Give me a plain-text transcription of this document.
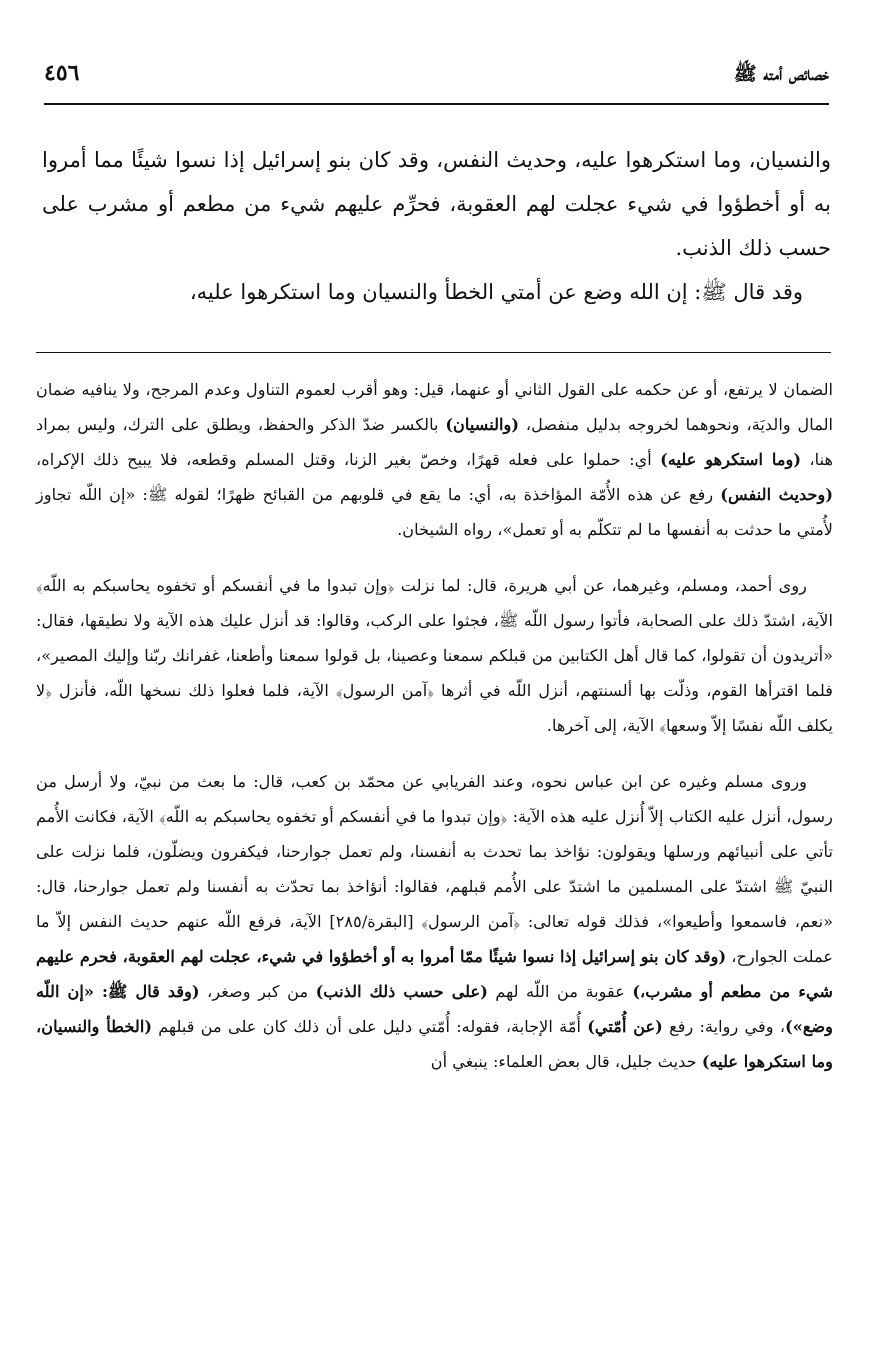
خصائص أمته ﷺ
٤٥٦

والنسيان، وما استكرهوا عليه، وحديث النفس، وقد كان بنو إسرائيل إذا نسوا شيئًا مما أمروا به أو أخطؤوا في شيء عجلت لهم العقوبة، فحرِّم عليهم شيء من مطعم أو مشرب على حسب ذلك الذنب.

وقد قال ﷺ: إن الله وضع عن أمتي الخطأ والنسيان وما استكرهوا عليه،

الضمان لا يرتفع، أو عن حكمه على القول الثاني أو عنهما، قيل: وهو أقرب لعموم التناول وعدم المرجح، ولا ينافيه ضمان المال والديَة، ونحوهما لخروجه بدليل منفصل، (والنسيان) بالكسر ضدّ الذكر والحفظ، ويطلق على الترك، وليس بمراد هنا، (وما استكرهو عليه) أي: حملوا على فعله قهرًا، وخصّ بغير الزنا، وقتل المسلم وقطعه، فلا يبيح ذلك الإكراه، (وحديث النفس) رفع عن هذه الأُمّة المؤاخذة به، أي: ما يقع في قلوبهم من القبائح ظهرًا؛ لقوله ﷺ: «إن اللّه تجاوز لأُمتي ما حدثت به أنفسها ما لم تتكلّم به أو تعمل»، رواه الشيخان.

روى أحمد، ومسلم، وغيرهما، عن أبي هريرة، قال: لما نزلت ﴿وإن تبدوا ما في أنفسكم أو تخفوه يحاسبكم به اللّه﴾ الآية، اشتدّ ذلك على الصحابة، فأتوا رسول اللّه ﷺ، فجثوا على الركب، وقالوا: قد أنزل عليك هذه الآية ولا نطيقها، فقال: «أتريدون أن تقولوا، كما قال أهل الكتابين من قبلكم سمعنا وعصينا، بل قولوا سمعنا وأطعنا، غفرانك ربّنا وإليك المصير»، فلما اقترأها القوم، وذلّت بها ألسنتهم، أنزل اللّه في أثرها ﴿آمن الرسول﴾ الآية، فلما فعلوا ذلك نسخها اللّه، فأنزل ﴿لا يكلف اللّه نفسًا إلاّ وسعها﴾ الآية، إلى آخرها.

وروى مسلم وغيره عن ابن عباس نحوه، وعند الفريابي عن محمّد بن كعب، قال: ما بعث من نبيّ، ولا أرسل من رسول، أنزل عليه الكتاب إلاّ أُنزل عليه هذه الآية: ﴿وإن تبدوا ما في أنفسكم أو تخفوه يحاسبكم به اللّه﴾ الآية، فكانت الأُمم تأتي على أنبيائهم ورسلها ويقولون: نؤاخذ بما تحدث به أنفسنا، ولم تعمل جوارحنا، فيكفرون ويضلّون، فلما نزلت على النبيّ ﷺ اشتدّ على المسلمين ما اشتدّ على الأُمم قبلهم، فقالوا: أنؤاخذ بما تحدّث به أنفسنا ولم تعمل جوارحنا، قال: «نعم، فاسمعوا وأطيعوا»، فذلك قوله تعالى: ﴿آمن الرسول﴾ [البقرة/٢٨٥] الآية، فرفع اللّه عنهم حديث النفس إلاّ ما عملت الجوارح، (وقد كان بنو إسرائيل إذا نسوا شيئًا ممّا أمروا به أو أخطؤوا في شيء، عجلت لهم العقوبة، فحرم عليهم شيء من مطعم أو مشرب،) عقوبة من اللّه لهم (على حسب ذلك الذنب) من كبر وصغر، (وقد قال ﷺ: «إن اللّه وضع»)، وفي رواية: رفع (عن أُمّتي) أُمّة الإجابة، فقوله: أُمّتي دليل على أن ذلك كان على من قبلهم (الخطأ والنسيان، وما استكرهوا عليه) حديث جليل، قال بعض العلماء: ينبغي أن
